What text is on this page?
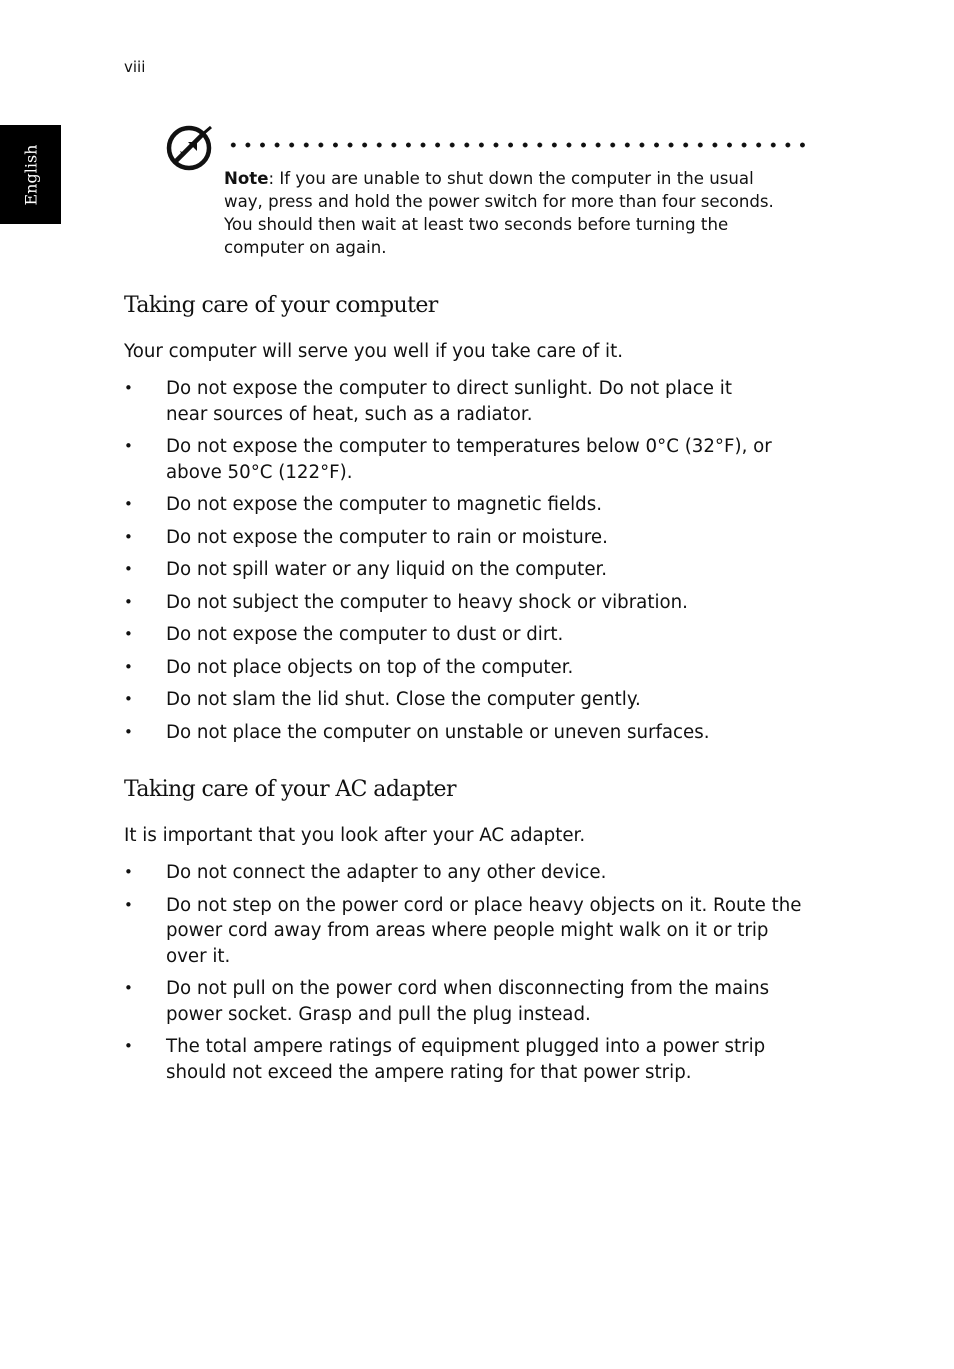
viii
English	Note: If you are unable to shut down the computer in the usual
way, press and hold the power switch for more than four seconds.
You should then wait at least two seconds before turning the
computer on again.
Taking care of your computer
Your computer will serve you well if you take care of it.
• Do not expose the computer to direct sunlight. Do not place it near sources of heat, such as a radiator.
• Do not expose the computer to temperatures below 0°C (32°F), or above 50°C (122°F).
• Do not expose the computer to magnetic fields.
• Do not expose the computer to rain or moisture.
• Do not spill water or any liquid on the computer.
• Do not subject the computer to heavy shock or vibration.
• Do not expose the computer to dust or dirt.
• Do not place objects on top of the computer.
• Do not slam the lid shut. Close the computer gently.
• Do not place the computer on unstable or uneven surfaces.
Taking care of your AC adapter
It is important that you look after your AC adapter.
• Do not connect the adapter to any other device.
• Do not step on the power cord or place heavy objects on it. Route the power cord away from areas where people might walk on it or trip over it.
• Do not pull on the power cord when disconnecting from the mains power socket. Grasp and pull the plug instead.
• The total ampere ratings of equipment plugged into a power strip should not exceed the ampere rating for that power strip.
